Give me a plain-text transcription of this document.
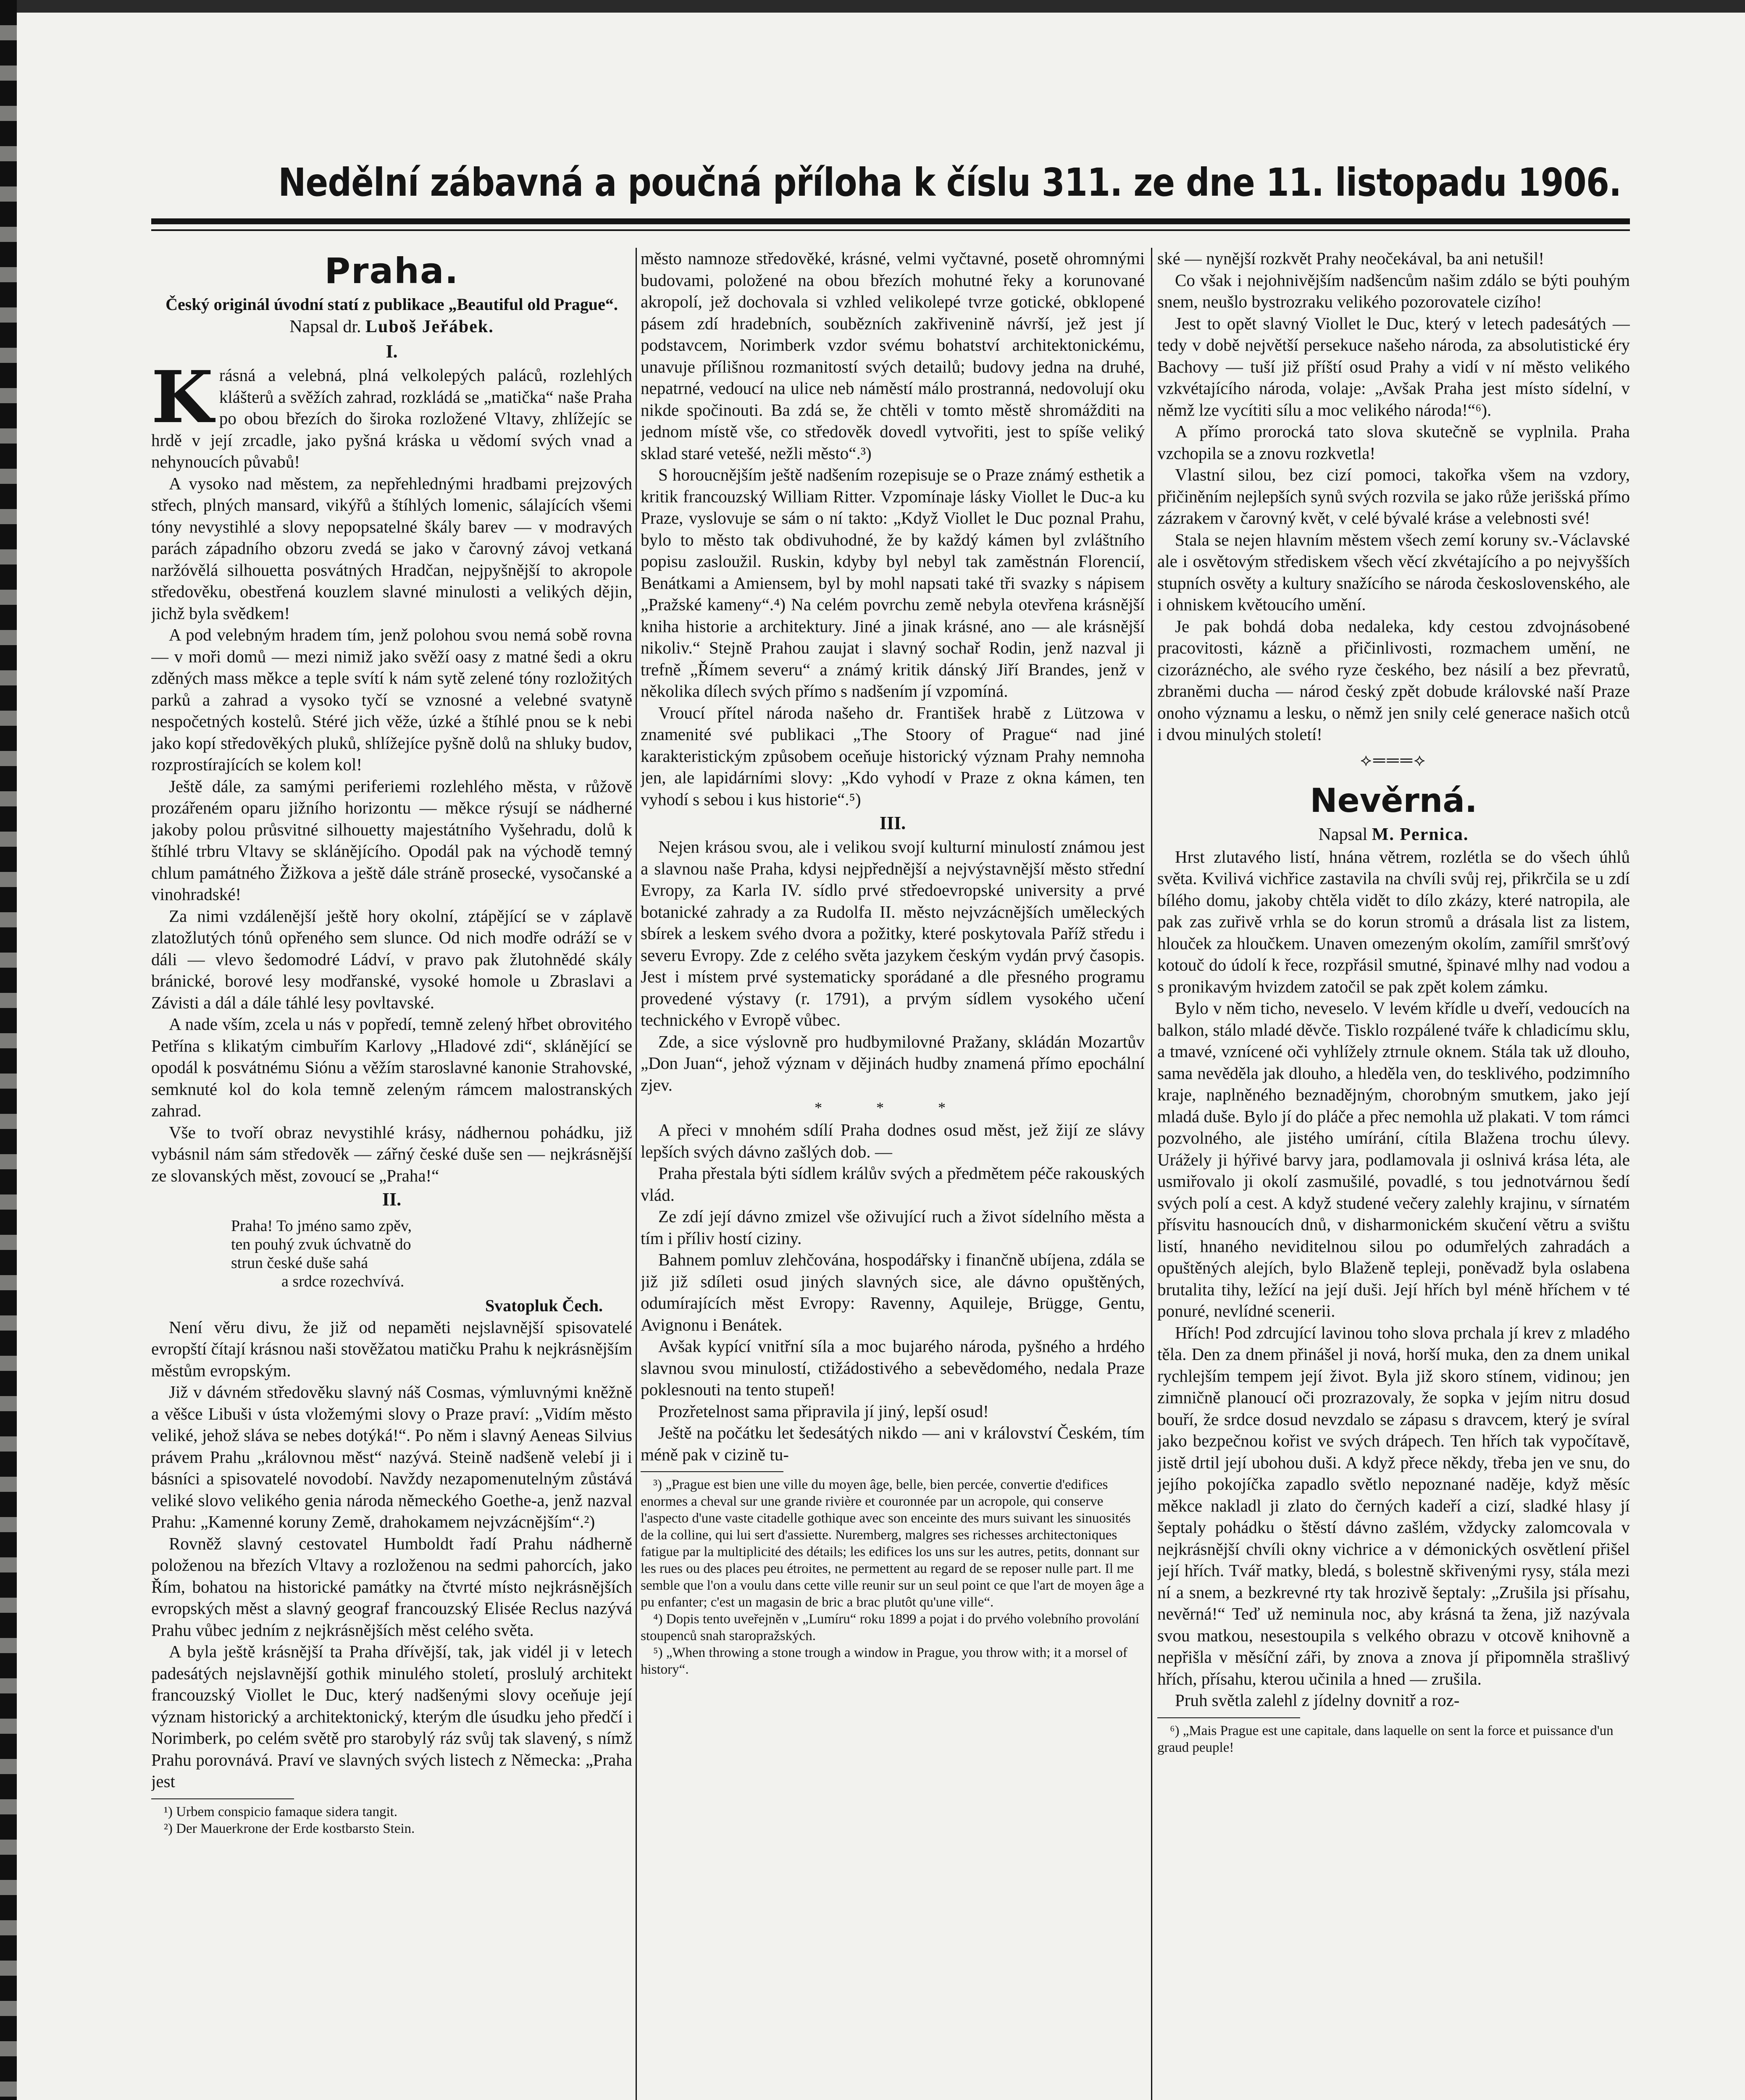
Nedělní zábavná a poučná příloha k číslu 311. ze dne 11. listopadu 1906.
Praha.
Český originál úvodní statí z publikace „Beautiful old Prague“.
Napsal dr. Luboš Jeřábek.
I.

Krásná a velebná, plná velkolepých paláců, rozlehlých klášterů a svěžích zahrad, rozkládá se „matička“ naše Praha po obou březích do široka rozložené Vltavy, zhlížejíc se hrdě v její zrcadle, jako pyšná kráska u vědomí svých vnad a nehynoucích půvabů!

A vysoko nad městem, za nepřehlednými hradbami prejzových střech, plných mansard, vikýřů a štíhlých lomenic, sálajících všemi tóny nevystihlé a slovy nepopsatelné škály barev — v modravých parách západního obzoru zvedá se jako v čarovný závoj vetkaná naržóvělá silhouetta posvátných Hradčan, nejpyšnější to akropole středověku, obestřená kouzlem slavné minulosti a velikých dějin, jichž byla svědkem!

A pod velebným hradem tím, jenž polohou svou nemá sobě rovna — v moři domů — mezi nimiž jako svěží oasy z matné šedi a okru zděných mass měkce a teple svítí k nám sytě zelené tóny rozložitých parků a zahrad a vysoko tyčí se vznosné a velebné svatyně nespočetných kostelů. Stéré jich věže, úzké a štíhlé pnou se k nebi jako kopí středověkých pluků, shlížejíce pyšně dolů na shluky budov, rozprostírajících se kolem kol!

Ještě dále, za samými periferiemi rozlehlého města, v růžově prozářeném oparu jižního horizontu — měkce rýsují se nádherné jakoby polou průsvitné silhouetty majestátního Vyšehradu, dolů k štíhlé trbru Vltavy se sklánějícího. Opodál pak na východě temný chlum památného Žižkova a ještě dále stráně prosecké, vysočanské a vinohradské!

Za nimi vzdálenější ještě hory okolní, ztápějící se v záplavě zlatožlutých tónů opřeného sem slunce. Od nich modře odráží se v dáli — vlevo šedomodré Ládví, v pravo pak žlutohnědé skály bránické, borové lesy modřanské, vysoké homole u Zbraslavi a Závisti a dál a dále táhlé lesy povltavské.

A nade vším, zcela u nás v popředí, temně zelený hřbet obrovitého Petřína s klikatým cimbuřím Karlovy „Hladové zdi“, sklánějící se opodál k posvátnému Siónu a věžím staroslavné kanonie Strahovské, semknuté kol do kola temně zeleným rámcem malostranských zahrad.

Vše to tvoří obraz nevystihlé krásy, nádhernou pohádku, již vybásnil nám sám středověk — zářný české duše sen — nejkrásnější ze slovanských měst, zovoucí se „Praha!“

II.
Praha! To jméno samo zpěv,
ten pouhý zvuk úchvatně do
strun české duše sahá
a srdce rozechvívá.
Svatopluk Čech.

Není věru divu, že již od nepaměti nejslavnější spisovatelé evropští čítají krásnou naši stověžatou matičku Prahu k nejkrásnějším městům evropským.

Již v dávném středověku slavný náš Cosmas, výmluvnými kněžně a věšce Libuši v ústa vložemými slovy o Praze praví: „Vidím město veliké, jehož sláva se nebes dotýká!“. Po něm i slavný Aeneas Silvius právem Prahu „královnou měst“ nazývá. Steině nadšeně velebí ji i básníci a spisovatelé novodobí. Navždy nezapomenutelným zůstává veliké slovo velikého genia národa německého Goethe-a, jenž nazval Prahu: „Kamenné koruny Země, drahokamem nejvzácnějším“.²)

Rovněž slavný cestovatel Humboldt řadí Prahu nádherně položenou na březích Vltavy a rozloženou na sedmi pahorcích, jako Řím, bohatou na historické památky na čtvrté místo nejkrásnějších evropských měst a slavný geograf francouzský Elisée Reclus nazývá Prahu vůbec jedním z nejkrásnějších měst celého světa.

A byla ještě krásnější ta Praha dřívější, tak, jak vidél ji v letech padesátých nejslavnější gothik minulého století, proslulý architekt francouzský Viollet le Duc, který nadšenými slovy oceňuje její význam historický a architektonický, kterým dle úsudku jeho předčí i Norimberk, po celém světě pro starobylý ráz svůj tak slavený, s nímž Prahu porovnává. Praví ve slavných svých listech z Německa: „Praha jest

¹) Urbem conspicio famaque sidera tangit.

²) Der Mauerkrone der Erde kostbarsto Stein.

město namnoze středověké, krásné, velmi vyčtavné, posetě ohromnými budovami, položené na obou březích mohutné řeky a korunované akropolí, jež dochovala si vzhled velikolepé tvrze gotické, obklopené pásem zdí hradebních, soubězních zakřivenině návrší, jež jest jí podstavcem, Norimberk vzdor svému bohatství architektonickému, unavuje přílišnou rozmanitostí svých detailů; budovy jedna na druhé, nepatrné, vedoucí na ulice neb náměstí málo prostranná, nedovolují oku nikde spočinouti. Ba zdá se, že chtěli v tomto městě shromážditi na jednom místě vše, co středověk dovedl vytvořiti, jest to spíše veliký sklad staré vetešé, nežli město“.³)

S horoucnějším ještě nadšením rozepisuje se o Praze známý esthetik a kritik francouzský William Ritter. Vzpomínaje lásky Viollet le Duc-a ku Praze, vyslovuje se sám o ní takto: „Když Viollet le Duc poznal Prahu, bylo to město tak obdivuhodné, že by každý kámen byl zvláštního popisu zasloužil. Ruskin, kdyby byl nebyl tak zaměstnán Florencií, Benátkami a Amiensem, byl by mohl napsati také tři svazky s nápisem „Pražské kameny“.⁴) Na celém povrchu země nebyla otevřena krásnější kniha historie a architektury. Jiné a jinak krásné, ano — ale krásnější nikoliv.“ Stejně Prahou zaujat i slavný sochař Rodin, jenž nazval ji trefně „Římem severu“ a známý kritik dánský Jiří Brandes, jenž v několika dílech svých přímo s nadšením jí vzpomíná.

Vroucí přítel národa našeho dr. František hrabě z Lützowa v znamenité své publikaci „The Stoory of Prague“ nad jiné karakteristickým způsobem oceňuje historický význam Prahy nemnoha jen, ale lapidárními slovy: „Kdo vyhodí v Praze z okna kámen, ten vyhodí s sebou i kus historie“.⁵)

III.

Nejen krásou svou, ale i velikou svojí kulturní minulostí známou jest a slavnou naše Praha, kdysi nejpřednější a nejvýstavnější město střední Evropy, za Karla IV. sídlo prvé středoevropské university a prvé botanické zahrady a za Rudolfa II. město nejvzácnějších uměleckých sbírek a leskem svého dvora a požitky, které poskytovala Paříž středu i severu Evropy. Zde z celého světa jazykem českým vydán prvý časopis. Jest i místem prvé systematicky sporádané a dle přesného programu provedené výstavy (r. 1791), a prvým sídlem vysokého učení technického v Evropě vůbec.

Zde, a sice výslovně pro hudbymilovné Pražany, skládán Mozartův „Don Juan“, jehož význam v dějinách hudby znamená přímo epochální zjev.

* * *

A přeci v mnohém sdílí Praha dodnes osud měst, jež žijí ze slávy lepších svých dávno zašlých dob. —

Praha přestala býti sídlem králův svých a předmětem péče rakouských vlád.

Ze zdí její dávno zmizel vše oživující ruch a život sídelního města a tím i příliv hostí ciziny.

Bahnem pomluv zlehčována, hospodářsky i finančně ubíjena, zdála se již již sdíleti osud jiných slavných sice, ale dávno opuštěných, odumírajících měst Evropy: Ravenny, Aquileje, Brügge, Gentu, Avignonu i Benátek.

Avšak kypící vnitřní síla a moc bujarého národa, pyšného a hrdého slavnou svou minulostí, ctižádostivého a sebevědomého, nedala Praze poklesnouti na tento stupeň!

Prozřetelnost sama připravila jí jiný, lepší osud!

Ještě na počátku let šedesátých nikdo — ani v království Českém, tím méně pak v cizině tu-

³) „Prague est bien une ville du moyen âge, belle, bien percée, convertie d'edifices enormes a cheval sur une grande rivière et couronnée par un acropole, qui conserve l'aspecto d'une vaste citadelle gothique avec son enceinte des murs suivant les sinuosités de la colline, qui lui sert d'assiette. Nuremberg, malgres ses richesses architectoniques fatigue par la multiplicité des détails; les edifices los uns sur les autres, petits, donnant sur les rues ou des places peu étroites, ne permettent au regard de se reposer nulle part. Il me semble que l'on a voulu dans cette ville reunir sur un seul point ce que l'art de moyen âge a pu enfanter; c'est un magasin de bric a brac plutôt qu'une ville“.

⁴) Dopis tento uveřejněn v „Lumíru“ roku 1899 a pojat i do prvého volebního provolání stoupenců snah staropražských.

⁵) „When throwing a stone trough a window in Prague, you throw with; it a morsel of history“.

ské — nynější rozkvět Prahy neočekával, ba ani netušil!

Co však i nejohnivějším nadšencům našim zdálo se býti pouhým snem, neušlo bystrozraku velikého pozorovatele cizího!

Jest to opět slavný Viollet le Duc, který v letech padesátých — tedy v době největší persekuce našeho národa, za absolutistické éry Bachovy — tuší již příští osud Prahy a vidí v ní město velikého vzkvétajícího národa, volaje: „Avšak Praha jest místo sídelní, v němž lze vycítiti sílu a moc velikého národa!“⁶).

A přímo prorocká tato slova skutečně se vyplnila. Praha vzchopila se a znovu rozkvetla!

Vlastní silou, bez cizí pomoci, takořka všem na vzdory, přičiněním nejlepších synů svých rozvila se jako růže jerišská přímo zázrakem v čarovný květ, v celé bývalé kráse a velebnosti své!

Stala se nejen hlavním městem všech zemí koruny sv.-Václavské ale i osvětovým střediskem všech věcí zkvétajícího a po nejvyšších stupních osvěty a kultury snažícího se národa československého, ale i ohniskem květoucího umění.

Je pak bohdá doba nedaleka, kdy cestou zdvojnásobené pracovitosti, kázně a přičinlivosti, rozmachem umění, ne cizoráznécho, ale svého ryze českého, bez násilí a bez převratů, zbraněmi ducha — národ český zpět dobude královské naší Praze onoho významu a lesku, o němž jen snily celé generace našich otců i dvou minulých století!

⟡═══⟡
Nevěrná.
Napsal M. Pernica.

Hrst zlutavého listí, hnána větrem, rozlétla se do všech úhlů světa. Kvilivá vichřice zastavila na chvíli svůj rej, přikrčila se u zdí bílého domu, jakoby chtěla vidět to dílo zkázy, které natropila, ale pak zas zuřivě vrhla se do korun stromů a drásala list za listem, hlouček za hloučkem. Unaven omezeným okolím, zamířil smršťový kotouč do údolí k řece, rozpřásil smutné, špinavé mlhy nad vodou a s pronikavým hvizdem zatočil se pak zpět kolem zámku.

Bylo v něm ticho, neveselo. V levém křídle u dveří, vedoucích na balkon, stálo mladé děvče. Tisklo rozpálené tváře k chladicímu sklu, a tmavé, vznícené oči vyhlížely ztrnule oknem. Stála tak už dlouho, sama nevěděla jak dlouho, a hleděla ven, do tesklivého, podzimního kraje, naplněného beznadějným, chorobným smutkem, jako její mladá duše. Bylo jí do pláče a přec nemohla už plakati. V tom rámci pozvolného, ale jistého umírání, cítila Blažena trochu úlevy. Urážely ji hýřivé barvy jara, podlamovala ji oslnivá krása léta, ale usmiřovalo ji okolí zasmušilé, povadlé, s tou jednotvárnou šedí svých polí a cest. A když studené večery zalehly krajinu, v sírnatém přísvitu hasnoucích dnů, v disharmonickém skučení větru a svištu listí, hnaného neviditelnou silou po odumřelých zahradách a opuštěných alejích, bylo Blaženě tepleji, poněvadž byla oslabena brutalita tihy, ležící na její duši. Její hřích byl méně hříchem v té ponuré, nevlídné scenerii.

Hřích! Pod zdrcující lavinou toho slova prchala jí krev z mladého těla. Den za dnem přinášel ji nová, horší muka, den za dnem unikal rychlejším tempem její život. Byla již skoro stínem, vidinou; jen zimničně planoucí oči prozrazovaly, že sopka v jejím nitru dosud bouří, že srdce dosud nevzdalo se zápasu s dravcem, který je svíral jako bezpečnou kořist ve svých drápech. Ten hřích tak vypočítavě, jistě drtil její ubohou duši. A když přece někdy, třeba jen ve snu, do jejího pokojíčka zapadlo světlo nepoznané naděje, když měsíc měkce nakladl ji zlato do černých kadeří a cizí, sladké hlasy jí šeptaly pohádku o štěstí dávno zašlém, vždycky zalomcovala v nejkrásnější chvíli okny vichrice a v démonických osvětlení přišel její hřích. Tvář matky, bledá, s bolestně skřivenými rysy, stála mezi ní a snem, a bezkrevné rty tak hrozivě šeptaly: „Zrušila jsi přísahu, nevěrná!“ Teď už neminula noc, aby krásná ta žena, již nazývala svou matkou, nesestoupila s velkého obrazu v otcově knihovně a nepřišla v měsíční záři, by znova a znova jí připomněla strašlivý hřích, přísahu, kterou učinila a hned — zrušila.

Pruh světla zalehl z jídelny dovnitř a roz-

⁶) „Mais Prague est une capitale, dans laquelle on sent la force et puissance d'un graud peuple!
